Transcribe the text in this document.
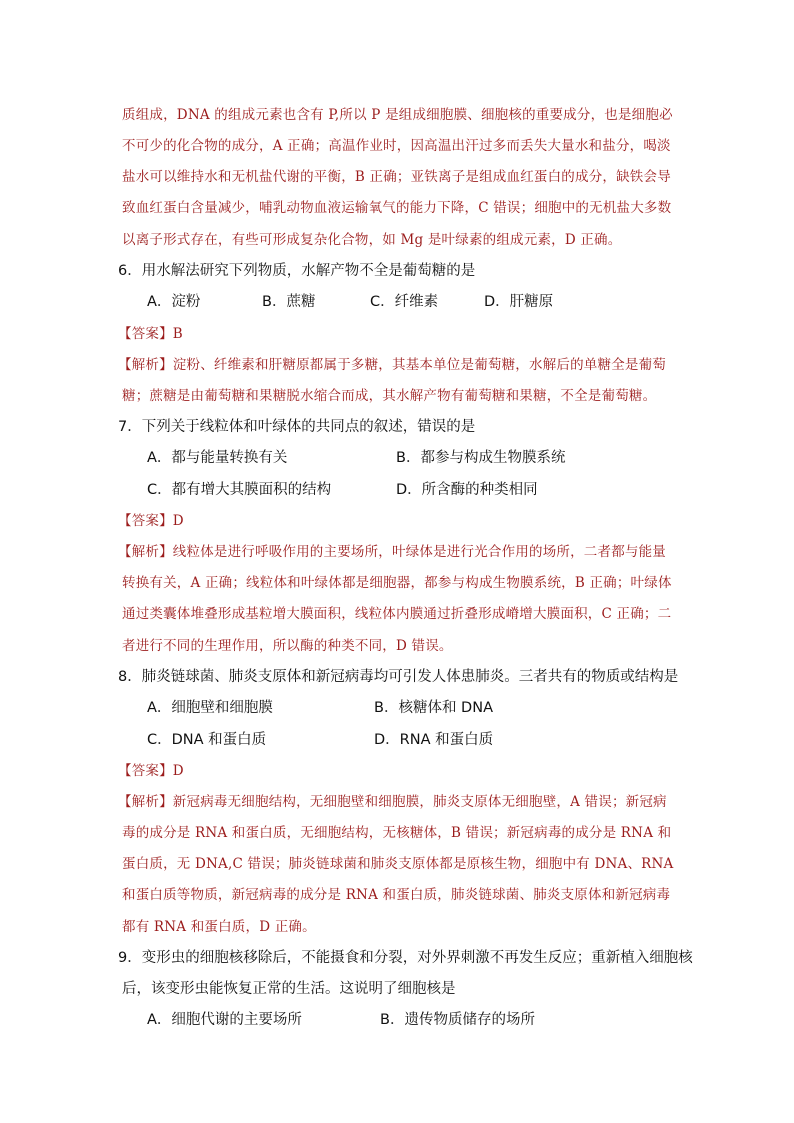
质组成，DNA 的组成元素也含有 P,所以 P 是组成细胞膜、细胞核的重要成分，也是细胞必
不可少的化合物的成分，A 正确；高温作业时，因高温出汗过多而丢失大量水和盐分，喝淡
盐水可以维持水和无机盐代谢的平衡，B 正确；亚铁离子是组成血红蛋白的成分，缺铁会导
致血红蛋白含量减少，哺乳动物血液运输氧气的能力下降，C 错误；细胞中的无机盐大多数
以离子形式存在，有些可形成复杂化合物，如 Mg 是叶绿素的组成元素，D 正确。
6．用水解法研究下列物质，水解产物不全是葡萄糖的是
A．淀粉	B．蔗糖	C．纤维素	D．肝糖原
【答案】B
【解析】淀粉、纤维素和肝糖原都属于多糖，其基本单位是葡萄糖，水解后的单糖全是葡萄
糖；蔗糖是由葡萄糖和果糖脱水缩合而成，其水解产物有葡萄糖和果糖，不全是葡萄糖。
7．下列关于线粒体和叶绿体的共同点的叙述，错误的是
A．都与能量转换有关	B．都参与构成生物膜系统
C．都有增大其膜面积的结构	D．所含酶的种类相同
【答案】D
【解析】线粒体是进行呼吸作用的主要场所，叶绿体是进行光合作用的场所，二者都与能量
转换有关，A 正确；线粒体和叶绿体都是细胞器，都参与构成生物膜系统，B 正确；叶绿体
通过类囊体堆叠形成基粒增大膜面积，线粒体内膜通过折叠形成嵴增大膜面积，C 正确；二
者进行不同的生理作用，所以酶的种类不同，D 错误。
8．肺炎链球菌、肺炎支原体和新冠病毒均可引发人体患肺炎。三者共有的物质或结构是
A．细胞壁和细胞膜	B．核糖体和 DNA
C．DNA 和蛋白质	D．RNA 和蛋白质
【答案】D
【解析】新冠病毒无细胞结构，无细胞壁和细胞膜，肺炎支原体无细胞壁，A 错误；新冠病
毒的成分是 RNA 和蛋白质，无细胞结构，无核糖体，B 错误；新冠病毒的成分是 RNA 和
蛋白质，无 DNA,C 错误；肺炎链球菌和肺炎支原体都是原核生物，细胞中有 DNA、RNA
和蛋白质等物质，新冠病毒的成分是 RNA 和蛋白质，肺炎链球菌、肺炎支原体和新冠病毒
都有 RNA 和蛋白质，D 正确。
9．变形虫的细胞核移除后，不能摄食和分裂，对外界刺激不再发生反应；重新植入细胞核
后，该变形虫能恢复正常的生活。这说明了细胞核是
A．细胞代谢的主要场所	B．遗传物质储存的场所
